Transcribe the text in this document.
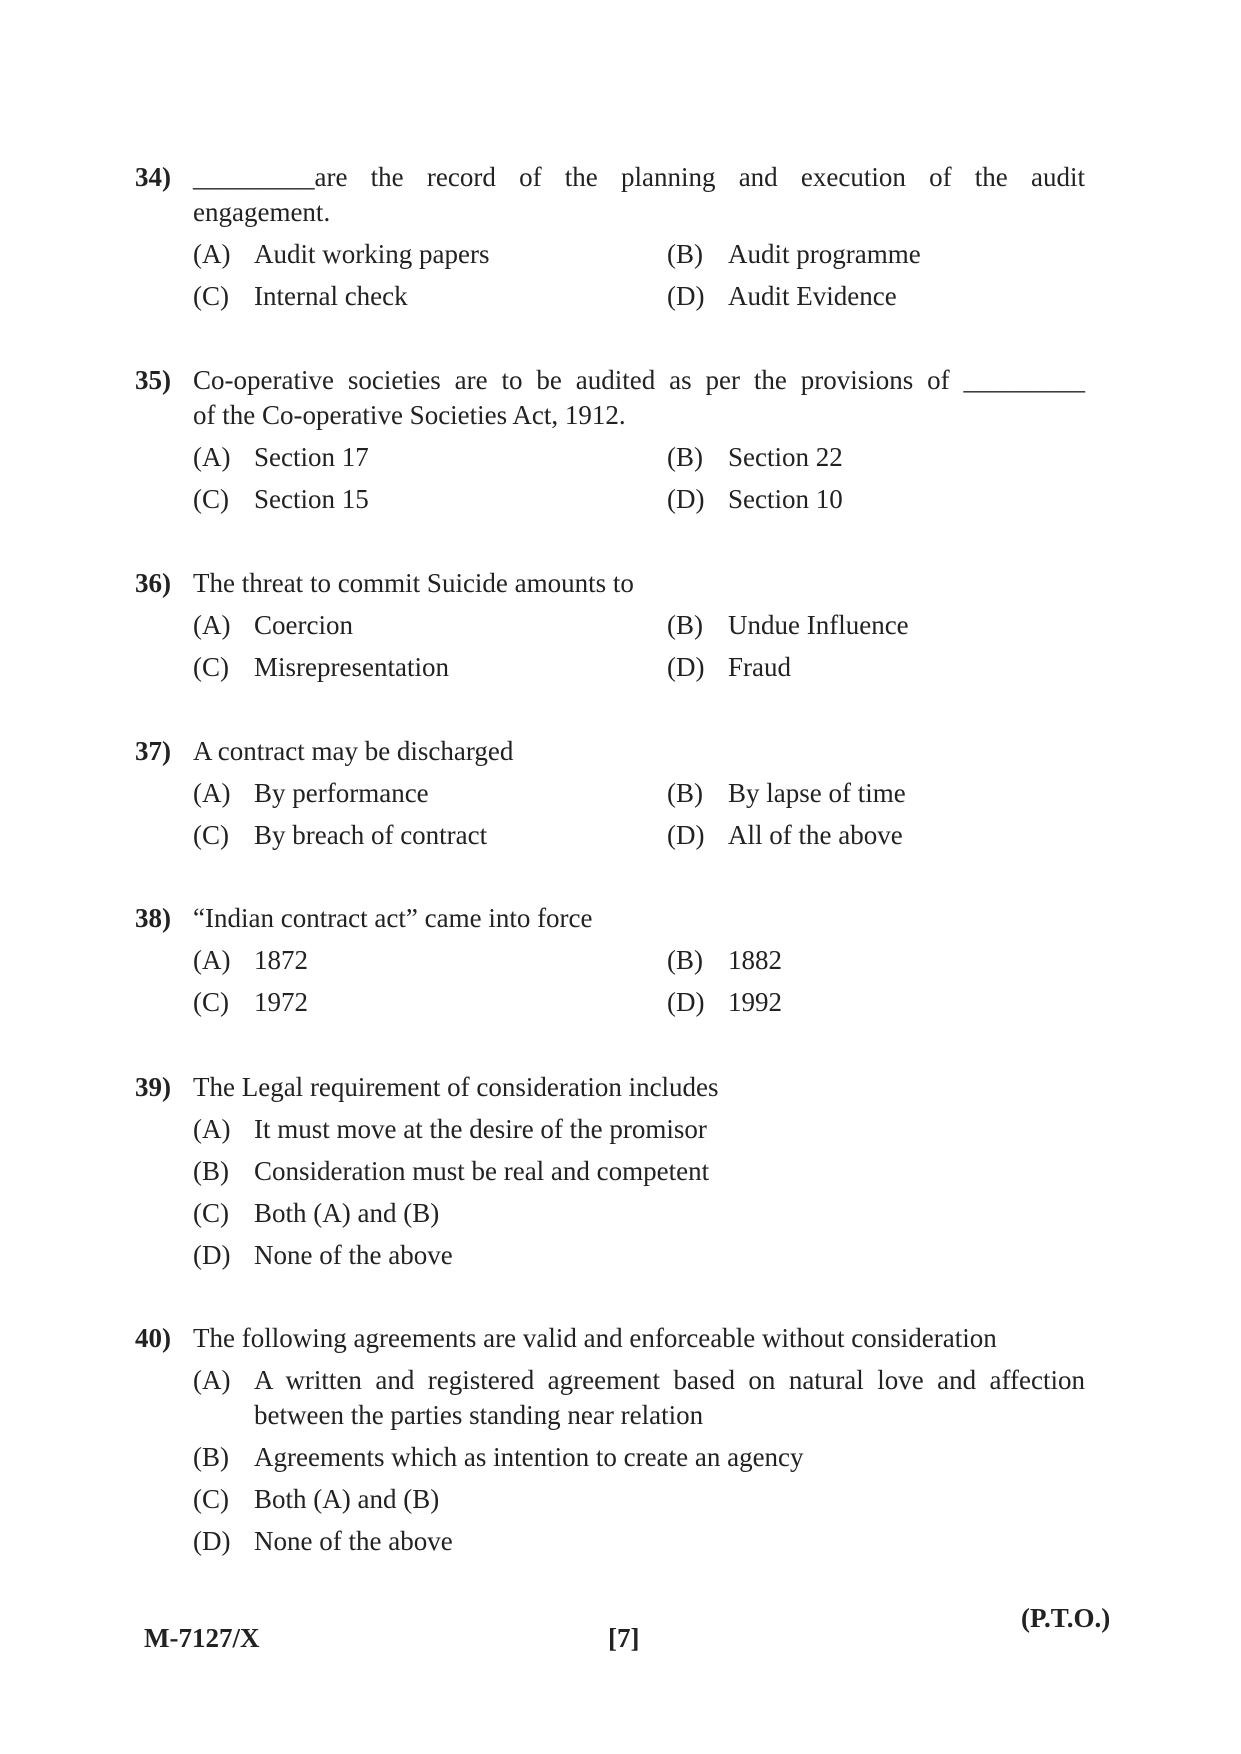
34) _________are the record of the planning and execution of the audit
engagement.
(A) Audit working papers	(B) Audit programme
(C) Internal check	(D) Audit Evidence
35) Co-operative societies are to be audited as per the provisions of _________
of the Co-operative Societies Act, 1912.
(A) Section 17	(B) Section 22
(C) Section 15	(D) Section 10
36) The threat to commit Suicide amounts to
(A) Coercion	(B) Undue Influence
(C) Misrepresentation	(D) Fraud
37) A contract may be discharged
(A) By performance	(B) By lapse of time
(C) By breach of contract	(D) All of the above
38) “Indian contract act” came into force
(A) 1872	(B) 1882
(C) 1972	(D) 1992
39) The Legal requirement of consideration includes
(A) It must move at the desire of the promisor
(B) Consideration must be real and competent
(C) Both (A) and (B)
(D) None of the above
40) The following agreements are valid and enforceable without consideration
(A) A written and registered agreement based on natural love and affection
between the parties standing near relation
(B) Agreements which as intention to create an agency
(C) Both (A) and (B)
(D) None of the above
M-7127/X	[7]
(P.T.O.)
